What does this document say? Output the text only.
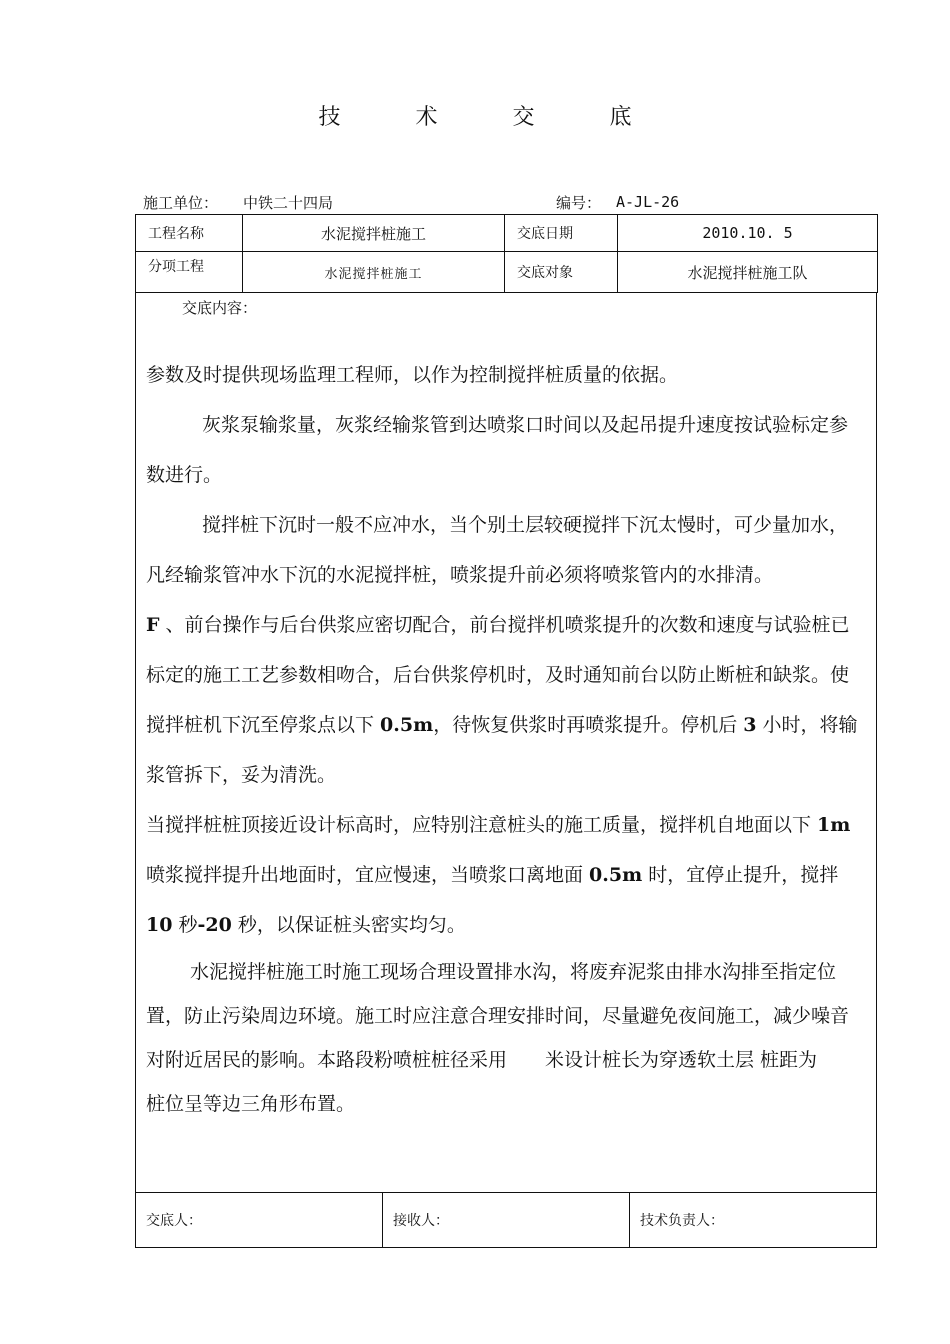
技 术 交 底
施工单位： 中铁二十四局	编号： A-JL-26
工程名称	水泥搅拌桩施工	交底日期	2010.10. 5
分项工程	水泥搅拌桩施工	交底对象	水泥搅拌桩施工队
交底内容：

参数及时提供现场监理工程师，以作为控制搅拌桩质量的依据。

灰浆泵输浆量，灰浆经输浆管到达喷浆口时间以及起吊提升速度按试验标定参数进行。

搅拌桩下沉时一般不应冲水，当个别土层较硬搅拌下沉太慢时，可少量加水，凡经输浆管冲水下沉的水泥搅拌桩，喷浆提升前必须将喷浆管内的水排清。

F 、前台操作与后台供浆应密切配合，前台搅拌机喷浆提升的次数和速度与试验桩已标定的施工工艺参数相吻合，后台供浆停机时，及时通知前台以防止断桩和缺浆。使搅拌桩机下沉至停浆点以下 0.5m，待恢复供浆时再喷浆提升。停机后 3 小时，将输浆管拆下，妥为清洗。

当搅拌桩桩顶接近设计标高时，应特别注意桩头的施工质量，搅拌机自地面以下 1m 喷浆搅拌提升出地面时，宜应慢速，当喷浆口离地面 0.5m 时，宜停止提升，搅拌 10 秒-20 秒，以保证桩头密实均匀。

水泥搅拌桩施工时施工现场合理设置排水沟，将废弃泥浆由排水沟排至指定位置，防止污染周边环境。施工时应注意合理安排时间，尽量避免夜间施工，减少噪音对附近居民的影响。本路段粉喷桩桩径采用　　米设计桩长为穿透软土层 桩距为　　　桩位呈等边三角形布置。

交底人：	接收人：	技术负责人：
